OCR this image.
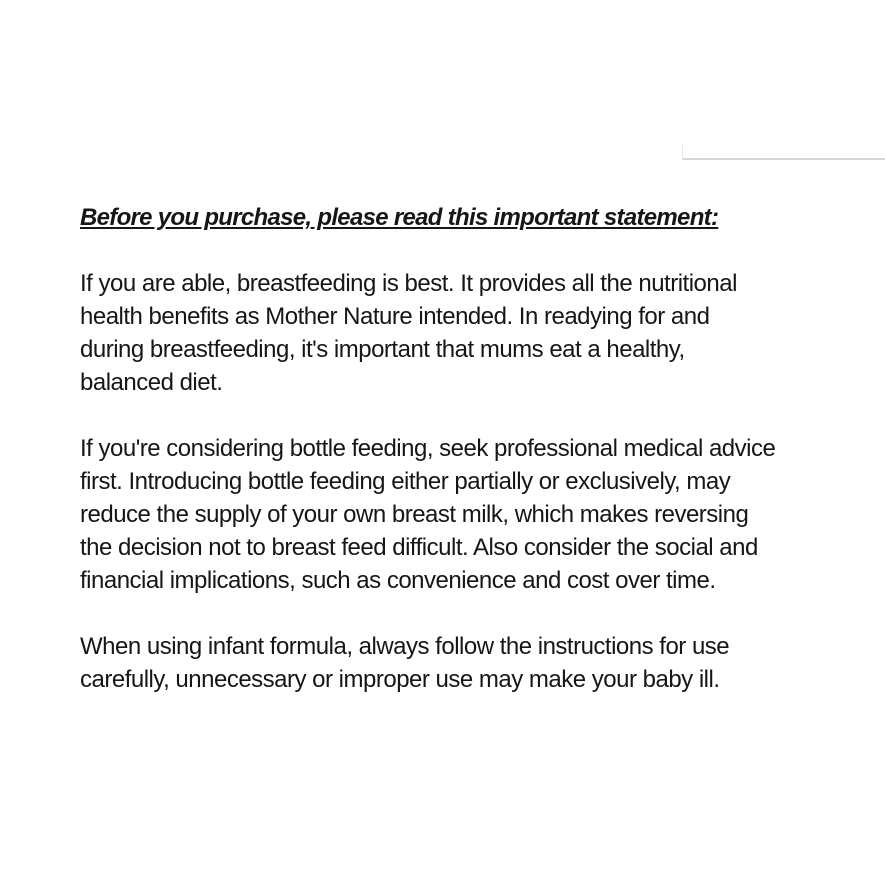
Before you purchase, please read this important statement:

If you are able, breastfeeding is best. It provides all the nutritional
health benefits as Mother Nature intended. In readying for and
during breastfeeding, it's important that mums eat a healthy,
balanced diet.

If you're considering bottle feeding, seek professional medical advice
first. Introducing bottle feeding either partially or exclusively, may
reduce the supply of your own breast milk, which makes reversing
the decision not to breast feed difficult. Also consider the social and
financial implications, such as convenience and cost over time.

When using infant formula, always follow the instructions for use
carefully, unnecessary or improper use may make your baby ill.
